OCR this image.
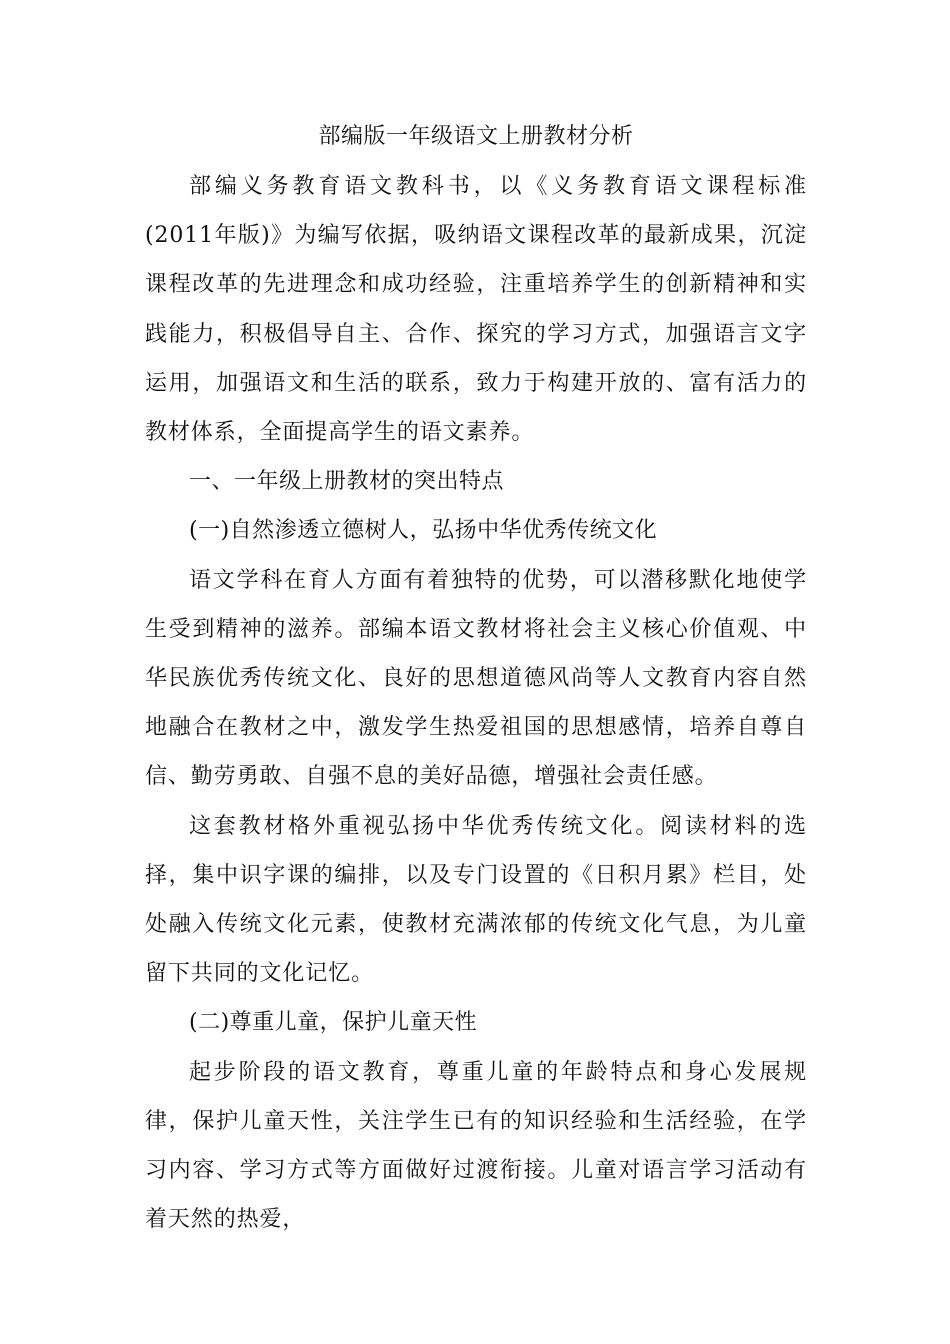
部编版一年级语文上册教材分析

部编义务教育语文教科书，以《义务教育语文课程标准(2011年版)》为编写依据，吸纳语文课程改革的最新成果，沉淀课程改革的先进理念和成功经验，注重培养学生的创新精神和实践能力，积极倡导自主、合作、探究的学习方式，加强语言文字运用，加强语文和生活的联系，致力于构建开放的、富有活力的教材体系，全面提高学生的语文素养。

一、一年级上册教材的突出特点

(一)自然渗透立德树人，弘扬中华优秀传统文化

语文学科在育人方面有着独特的优势，可以潜移默化地使学生受到精神的滋养。部编本语文教材将社会主义核心价值观、中华民族优秀传统文化、良好的思想道德风尚等人文教育内容自然地融合在教材之中，激发学生热爱祖国的思想感情，培养自尊自信、勤劳勇敢、自强不息的美好品德，增强社会责任感。

这套教材格外重视弘扬中华优秀传统文化。阅读材料的选择，集中识字课的编排，以及专门设置的《日积月累》栏目，处处融入传统文化元素，使教材充满浓郁的传统文化气息，为儿童留下共同的文化记忆。

(二)尊重儿童，保护儿童天性

起步阶段的语文教育，尊重儿童的年龄特点和身心发展规律，保护儿童天性，关注学生已有的知识经验和生活经验，在学习内容、学习方式等方面做好过渡衔接。儿童对语言学习活动有着天然的热爱，
